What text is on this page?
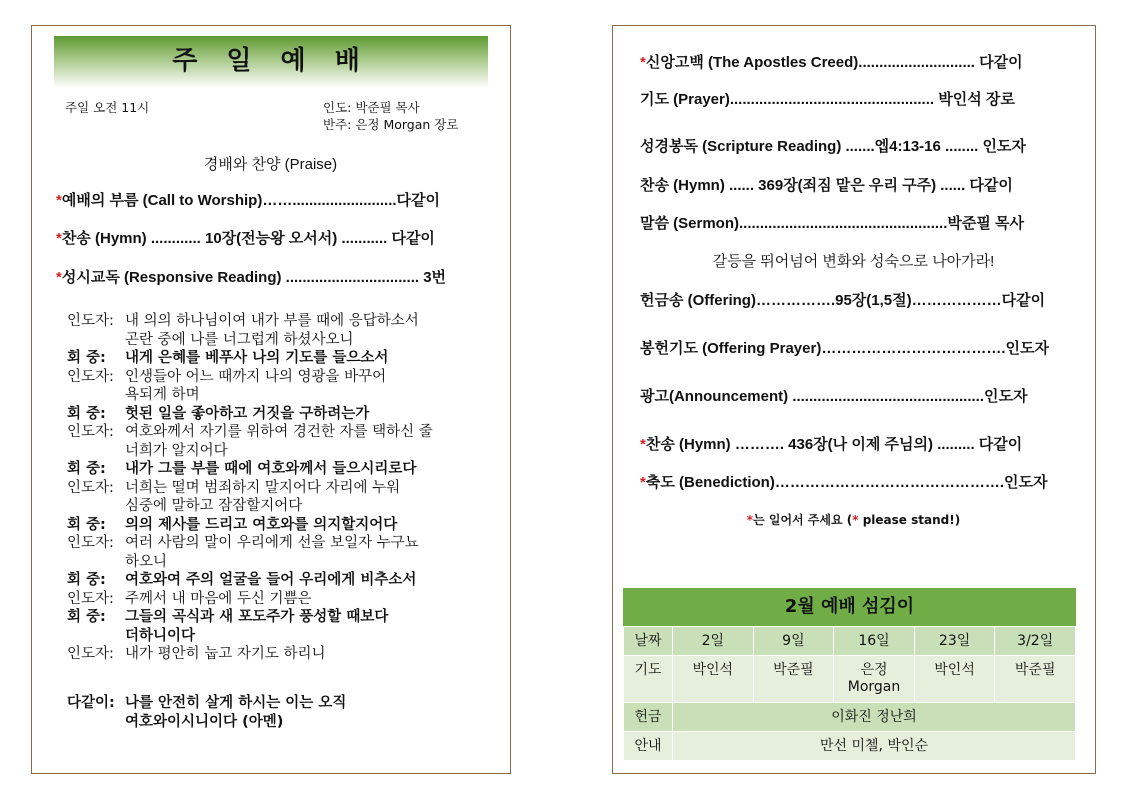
주 일 예 배
주일 오전 11시	인도: 박준필 목사
반주: 은정 Morgan 장로
경배와 찬양 (Praise)
*예배의 부름 (Call to Worship)…….........................다같이
*찬송 (Hymn) ............ 10장(전능왕 오서서) ........... 다같이
*성시교독 (Responsive Reading) ................................ 3번
인도자: 내 의의 하나님이여 내가 부를 때에 응답하소서
곤란 중에 나를 너그럽게 하셨사오니
회 중:	내게 은혜를 베푸사 나의 기도를 들으소서
인도자: 인생들아 어느 때까지 나의 영광을 바꾸어
욕되게 하며
회 중:	헛된 일을 좋아하고 거짓을 구하려는가
인도자: 여호와께서 자기를 위하여 경건한 자를 택하신 줄
너희가 알지어다
회 중:	내가 그를 부를 때에 여호와께서 들으시리로다
인도자: 너희는 떨며 범죄하지 말지어다 자리에 누워
심중에 말하고 잠잠할지어다
회 중:	의의 제사를 드리고 여호와를 의지할지어다
인도자: 여러 사람의 말이 우리에게 선을 보일자 누구뇨
하오니
회 중:	여호와여 주의 얼굴을 들어 우리에게 비추소서
인도자: 주께서 내 마음에 두신 기쁨은
회 중:	그들의 곡식과 새 포도주가 풍성할 때보다
더하니이다
인도자: 내가 평안히 눕고 자기도 하리니
다같이: 나를 안전히 살게 하시는 이는 오직
여호와이시니이다 (아멘)
*신앙고백 (The Apostles Creed)............................ 다같이
기도 (Prayer)................................................. 박인석 장로
성경봉독 (Scripture Reading) .......엡4:13-16 ........ 인도자
찬송 (Hymn) ...... 369장(죄짐 맡은 우리 구주) ...... 다같이
말씀 (Sermon)..................................................박준필 목사
갈등을 뛰어넘어 변화와 성숙으로 나아가라!
헌금송 (Offering)…………….95장(1,5절)………………다같이
봉헌기도 (Offering Prayer)……………………………….인도자
광고(Announcement) ..............................................인도자
*찬송 (Hymn) ………. 436장(나 이제 주님의) ......... 다같이
*축도 (Benediction)……………………………………….인도자
*는 일어서 주세요 (* please stand!)
2월 예배 섬김이
날짜	2일	9일	16일	23일	3/2일
기도	박인석	박준필	은정 Morgan	박인석	박준필
헌금	이화진 정난희				
안내	만선 미첼, 박인순				
